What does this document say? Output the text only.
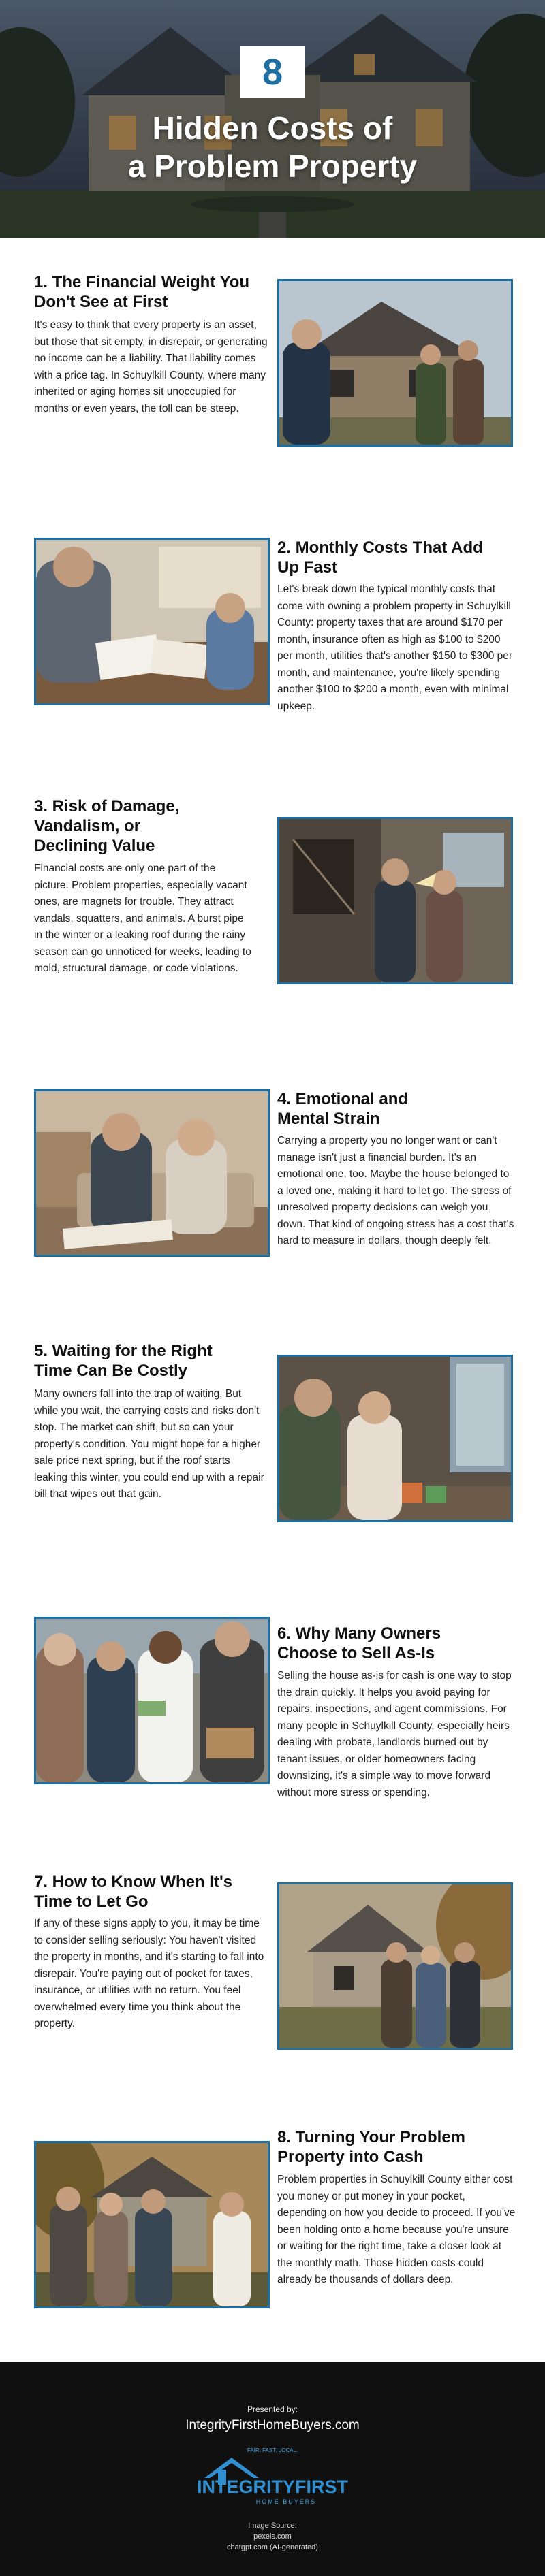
8
Hidden Costs of
a Problem Property
1. The Financial Weight You
Don't See at First
It's easy to think that every property is an asset, but those that sit empty, in disrepair, or generating no income can be a liability. That liability comes with a price tag. In Schuylkill County, where many inherited or aging homes sit unoccupied for months or even years, the toll can be steep.
2. Monthly Costs That Add
Up Fast
Let's break down the typical monthly costs that come with owning a problem property in Schuylkill County: property taxes that are around $170 per month, insurance often as high as $100 to $200 per month, utilities that's another $150 to $300 per month, and maintenance, you're likely spending another $100 to $200 a month, even with minimal upkeep.
3. Risk of Damage,
Vandalism, or
Declining Value
Financial costs are only one part of the picture. Problem properties, especially vacant ones, are magnets for trouble. They attract vandals, squatters, and animals. A burst pipe in the winter or a leaking roof during the rainy season can go unnoticed for weeks, leading to mold, structural damage, or code violations.
4. Emotional and
Mental Strain
Carrying a property you no longer want or can't manage isn't just a financial burden. It's an emotional one, too. Maybe the house belonged to a loved one, making it hard to let go. The stress of unresolved property decisions can weigh you down. That kind of ongoing stress has a cost that's hard to measure in dollars, though deeply felt.
5. Waiting for the Right
Time Can Be Costly
Many owners fall into the trap of waiting. But while you wait, the carrying costs and risks don't stop. The market can shift, but so can your property's condition. You might hope for a higher sale price next spring, but if the roof starts leaking this winter, you could end up with a repair bill that wipes out that gain.
6. Why Many Owners
Choose to Sell As-Is
Selling the house as-is for cash is one way to stop the drain quickly. It helps you avoid paying for repairs, inspections, and agent commissions. For many people in Schuylkill County, especially heirs dealing with probate, landlords burned out by tenant issues, or older homeowners facing downsizing, it's a simple way to move forward without more stress or spending.
7. How to Know When It's
Time to Let Go
If any of these signs apply to you, it may be time to consider selling seriously: You haven't visited the property in months, and it's starting to fall into disrepair. You're paying out of pocket for taxes, insurance, or utilities with no return. You feel overwhelmed every time you think about the property.
8. Turning Your Problem
Property into Cash
Problem properties in Schuylkill County either cost you money or put money in your pocket, depending on how you decide to proceed. If you've been holding onto a home because you're unsure or waiting for the right time, take a closer look at the monthly math. Those hidden costs could already be thousands of dollars deep.
Presented by:
IntegrityFirstHomeBuyers.com
FAIR. FAST. LOCAL.
INTEGRITYFIRST
HOME BUYERS
Image Source:
pexels.com
chatgpt.com (AI-generated)
